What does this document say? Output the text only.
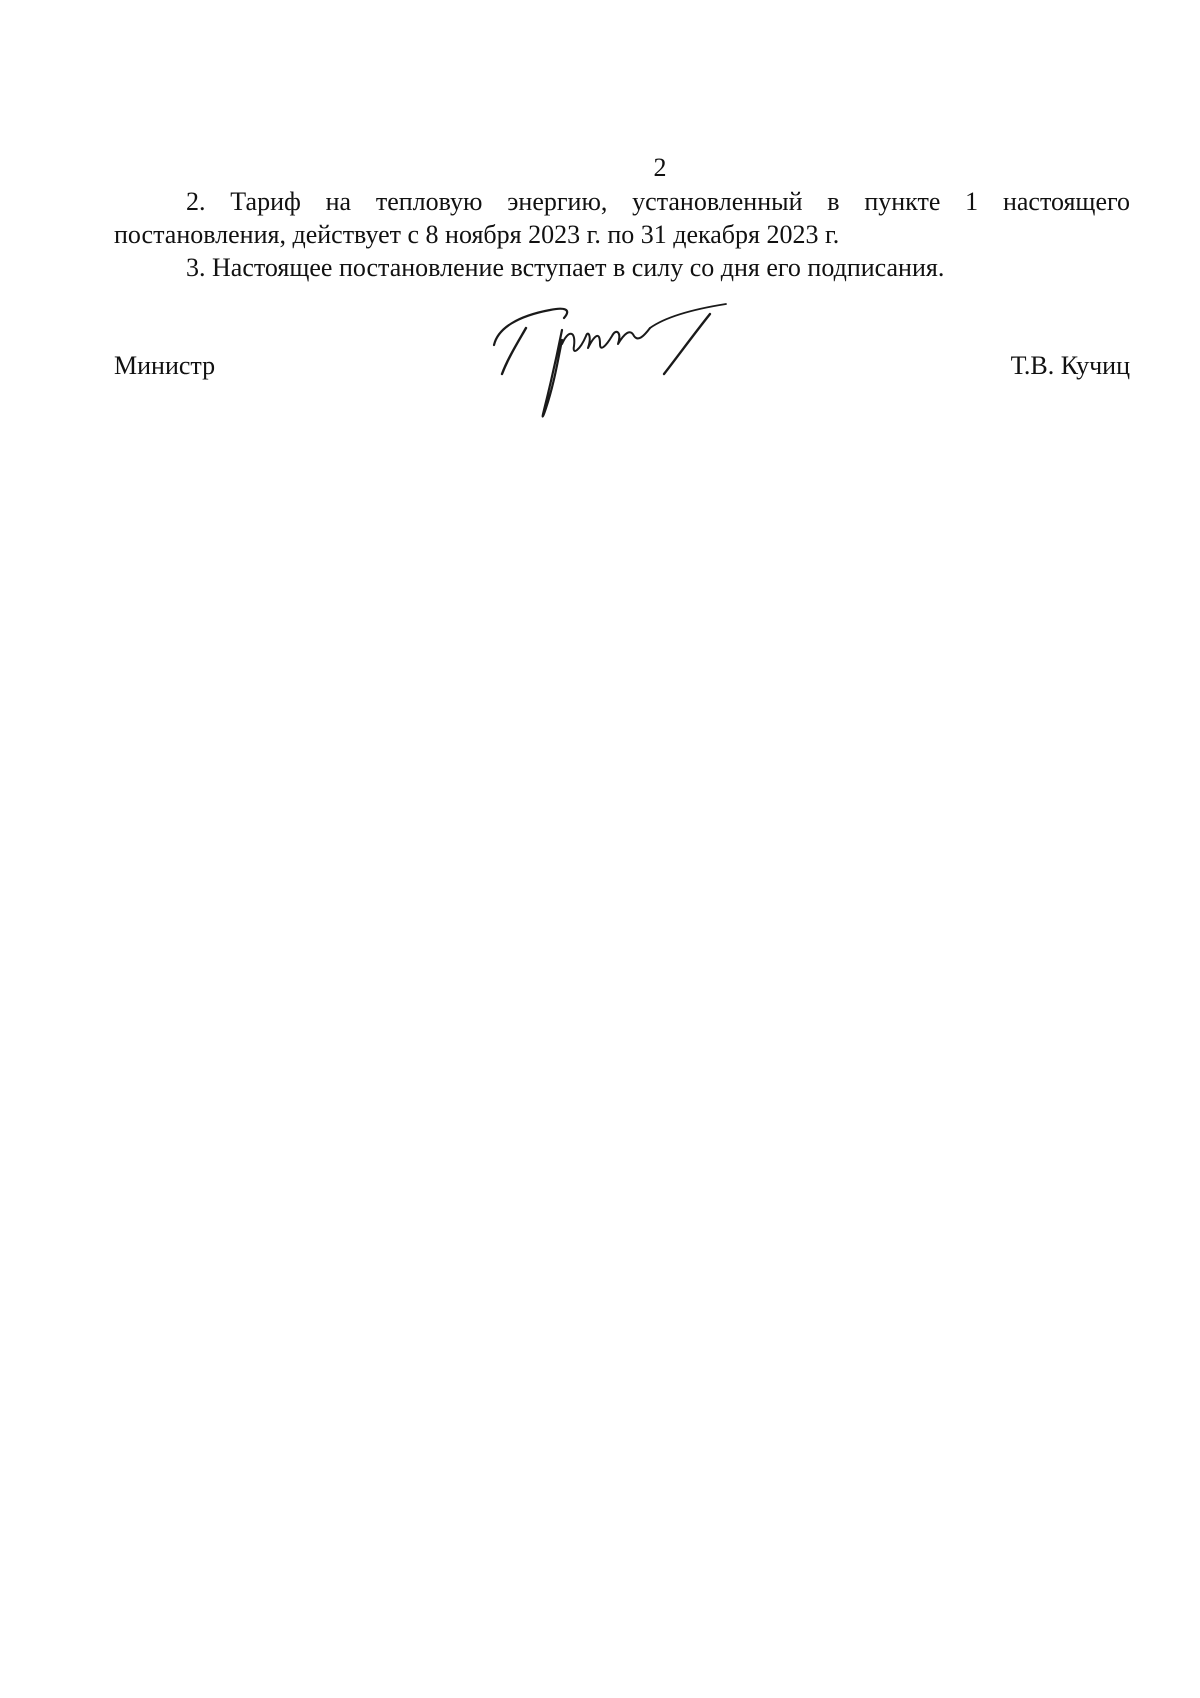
2

2. Тариф на тепловую энергию, установленный в пункте 1 настоящего постановления, действует с 8 ноября 2023 г. по 31 декабря 2023 г.

3. Настоящее постановление вступает в силу со дня его подписания.

Министр	Т.В. Кучиц
